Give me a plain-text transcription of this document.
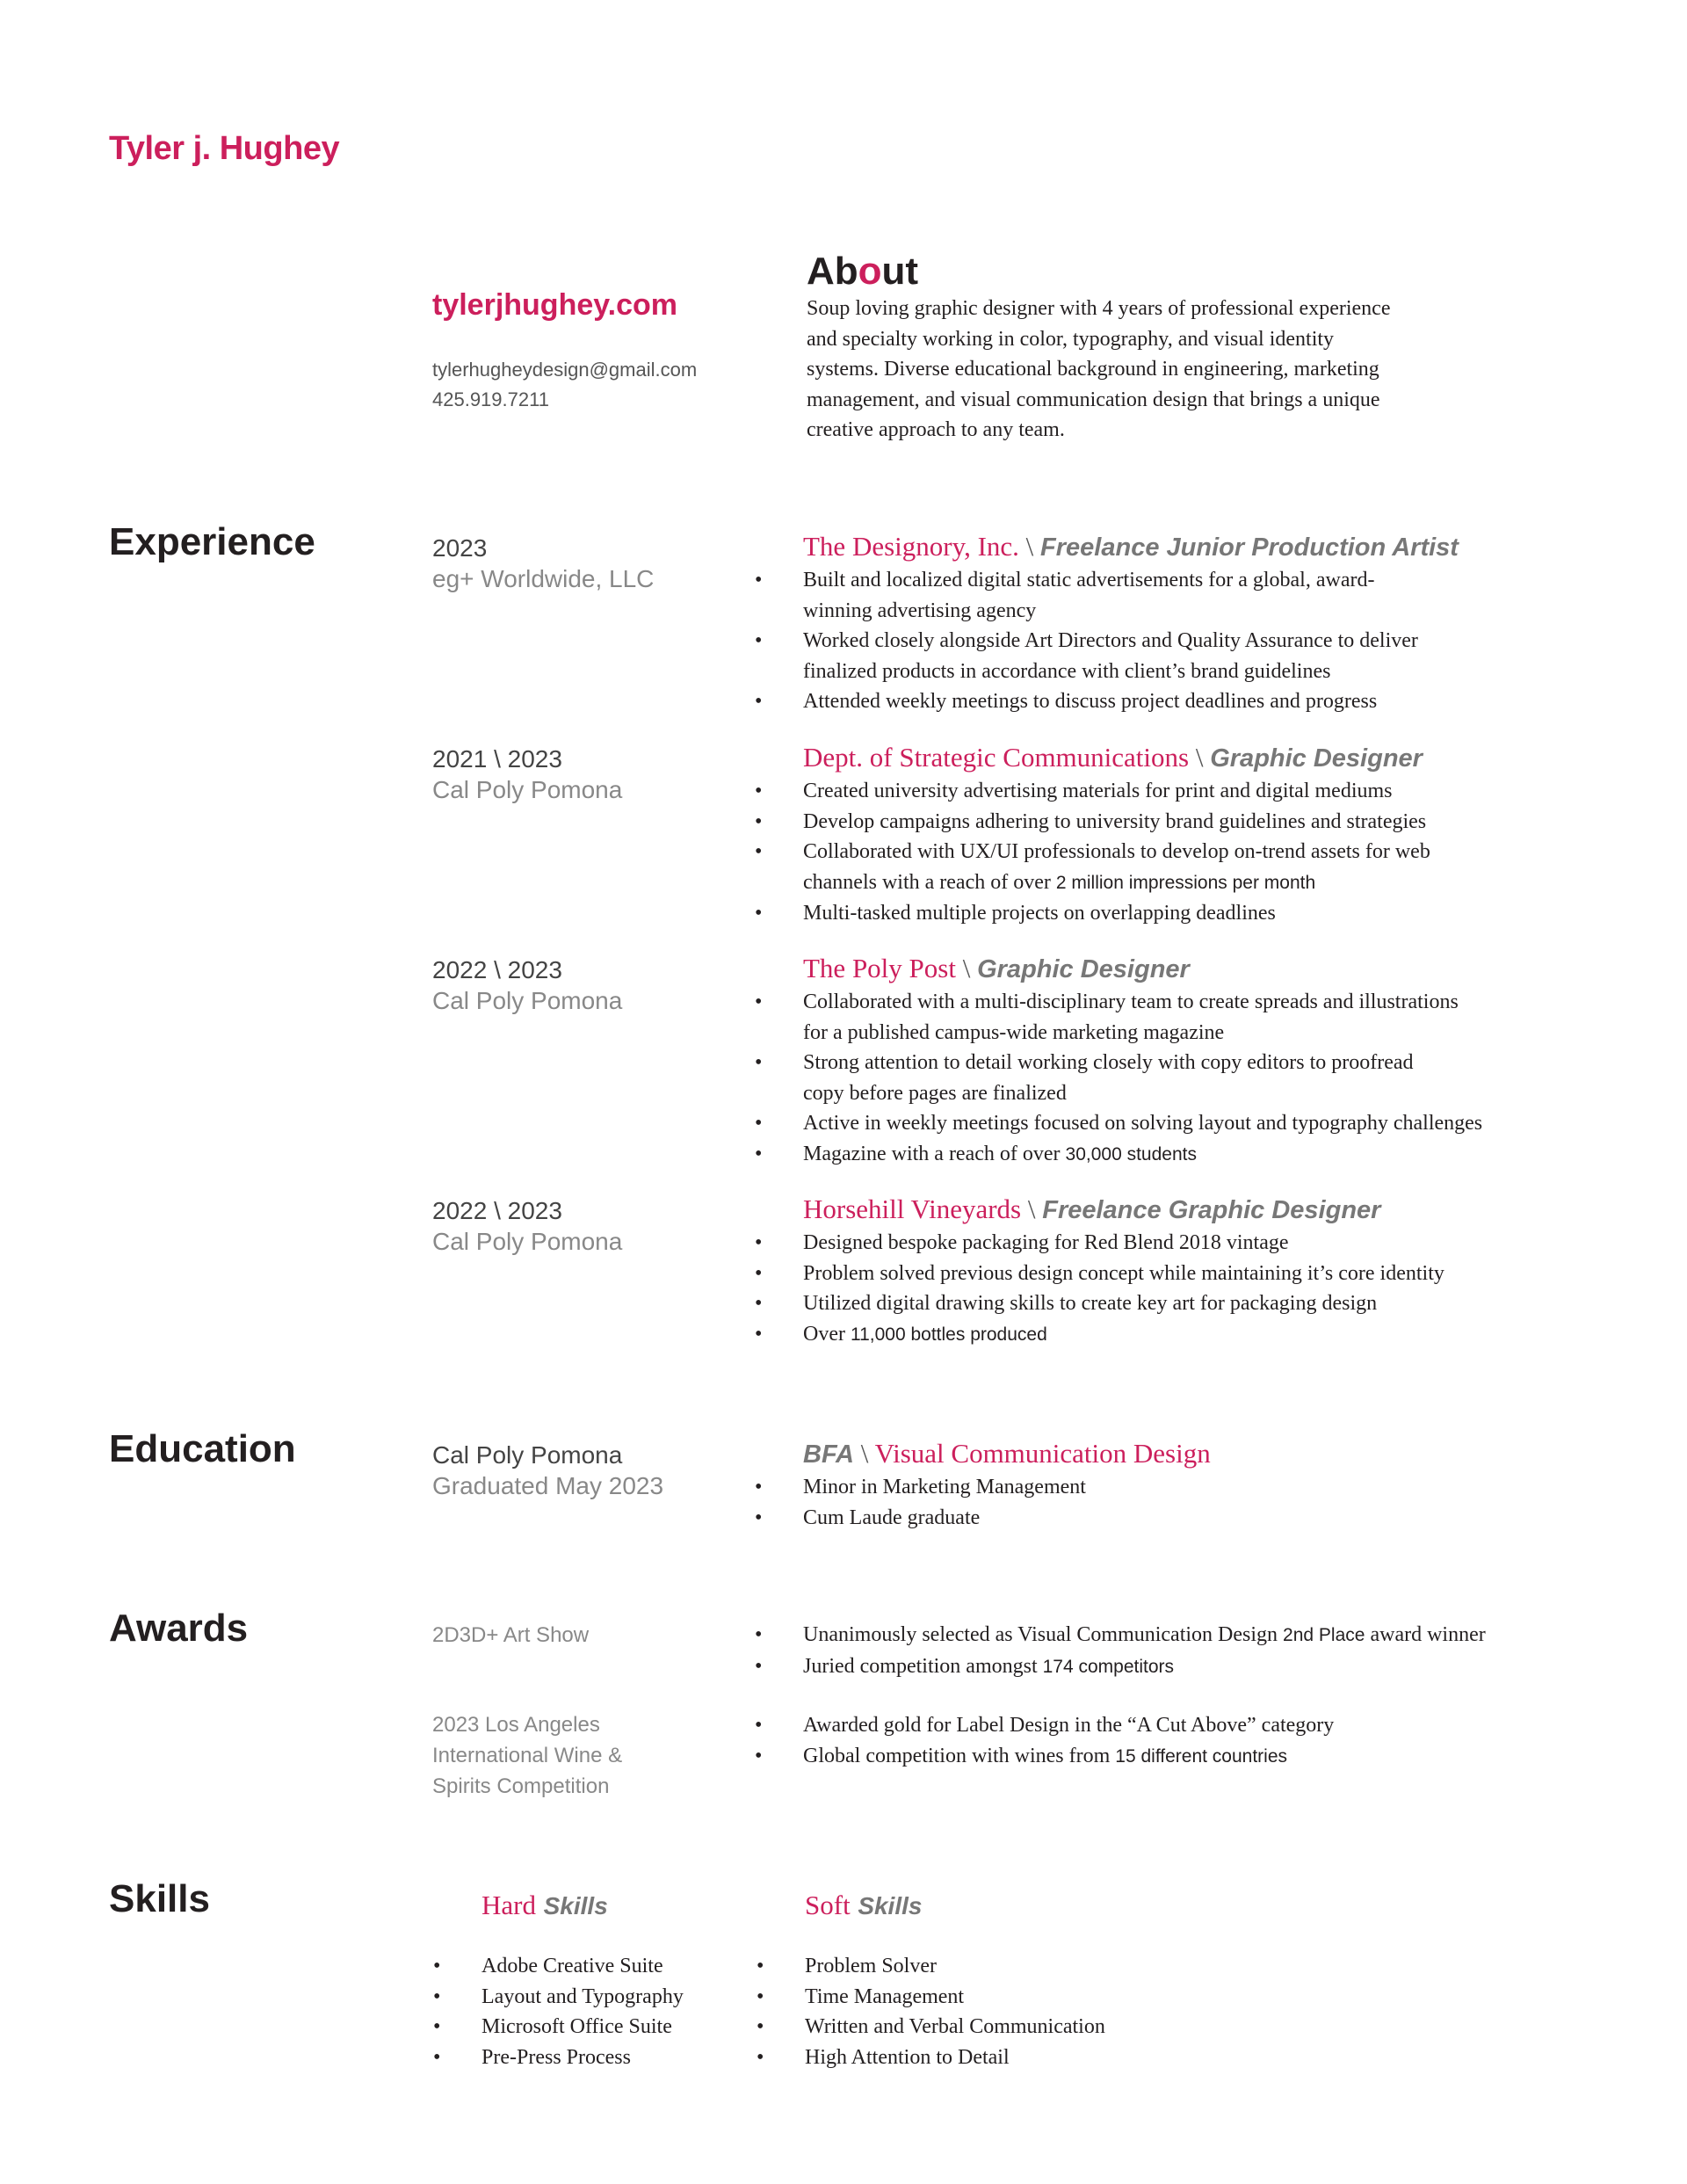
Tyler j. Hughey
tylerjhughey.com
tylerhugheydesign@gmail.com
425.919.7211
About
Soup loving graphic designer with 4 years of professional experience
and specialty working in color, typography, and visual identity
systems. Diverse educational background in engineering, marketing
management, and visual communication design that brings a unique
creative approach to any team.
Experience
Education
Awards
Skills
2023
eg+ Worldwide, LLC
The Designory, Inc. \ Freelance Junior Production Artist
• Built and localized digital static advertisements for a global, award-
winning advertising agency
• Worked closely alongside Art Directors and Quality Assurance to deliver
finalized products in accordance with client’s brand guidelines
• Attended weekly meetings to discuss project deadlines and progress
2021 \ 2023
Cal Poly Pomona
Dept. of Strategic Communications \ Graphic Designer
• Created university advertising materials for print and digital mediums
• Develop campaigns adhering to university brand guidelines and strategies
• Collaborated with UX/UI professionals to develop on-trend assets for web
channels with a reach of over 2 million impressions per month
• Multi-tasked multiple projects on overlapping deadlines
2022 \ 2023
Cal Poly Pomona
The Poly Post \ Graphic Designer
• Collaborated with a multi-disciplinary team to create spreads and illustrations
for a published campus-wide marketing magazine
• Strong attention to detail working closely with copy editors to proofread
copy before pages are finalized
• Active in weekly meetings focused on solving layout and typography challenges
• Magazine with a reach of over 30,000 students
2022 \ 2023
Cal Poly Pomona
Horsehill Vineyards \ Freelance Graphic Designer
• Designed bespoke packaging for Red Blend 2018 vintage
• Problem solved previous design concept while maintaining it’s core identity
• Utilized digital drawing skills to create key art for packaging design
• Over 11,000 bottles produced
Cal Poly Pomona
Graduated May 2023
BFA \ Visual Communication Design
• Minor in Marketing Management
• Cum Laude graduate
2D3D+ Art Show
•	Unanimously selected as Visual Communication Design 2nd Place award winner
• Juried competition amongst 174 competitors
2023 Los Angeles
International Wine &
Spirits Competition
• Awarded gold for Label Design in the “A Cut Above” category
• Global competition with wines from 15 different countries
Hard Skills	Soft Skills
• Adobe Creative Suite
• Layout and Typography
• Microsoft Office Suite
• Pre-Press Process
• Problem Solver
• Time Management
• Written and Verbal Communication
• High Attention to Detail
